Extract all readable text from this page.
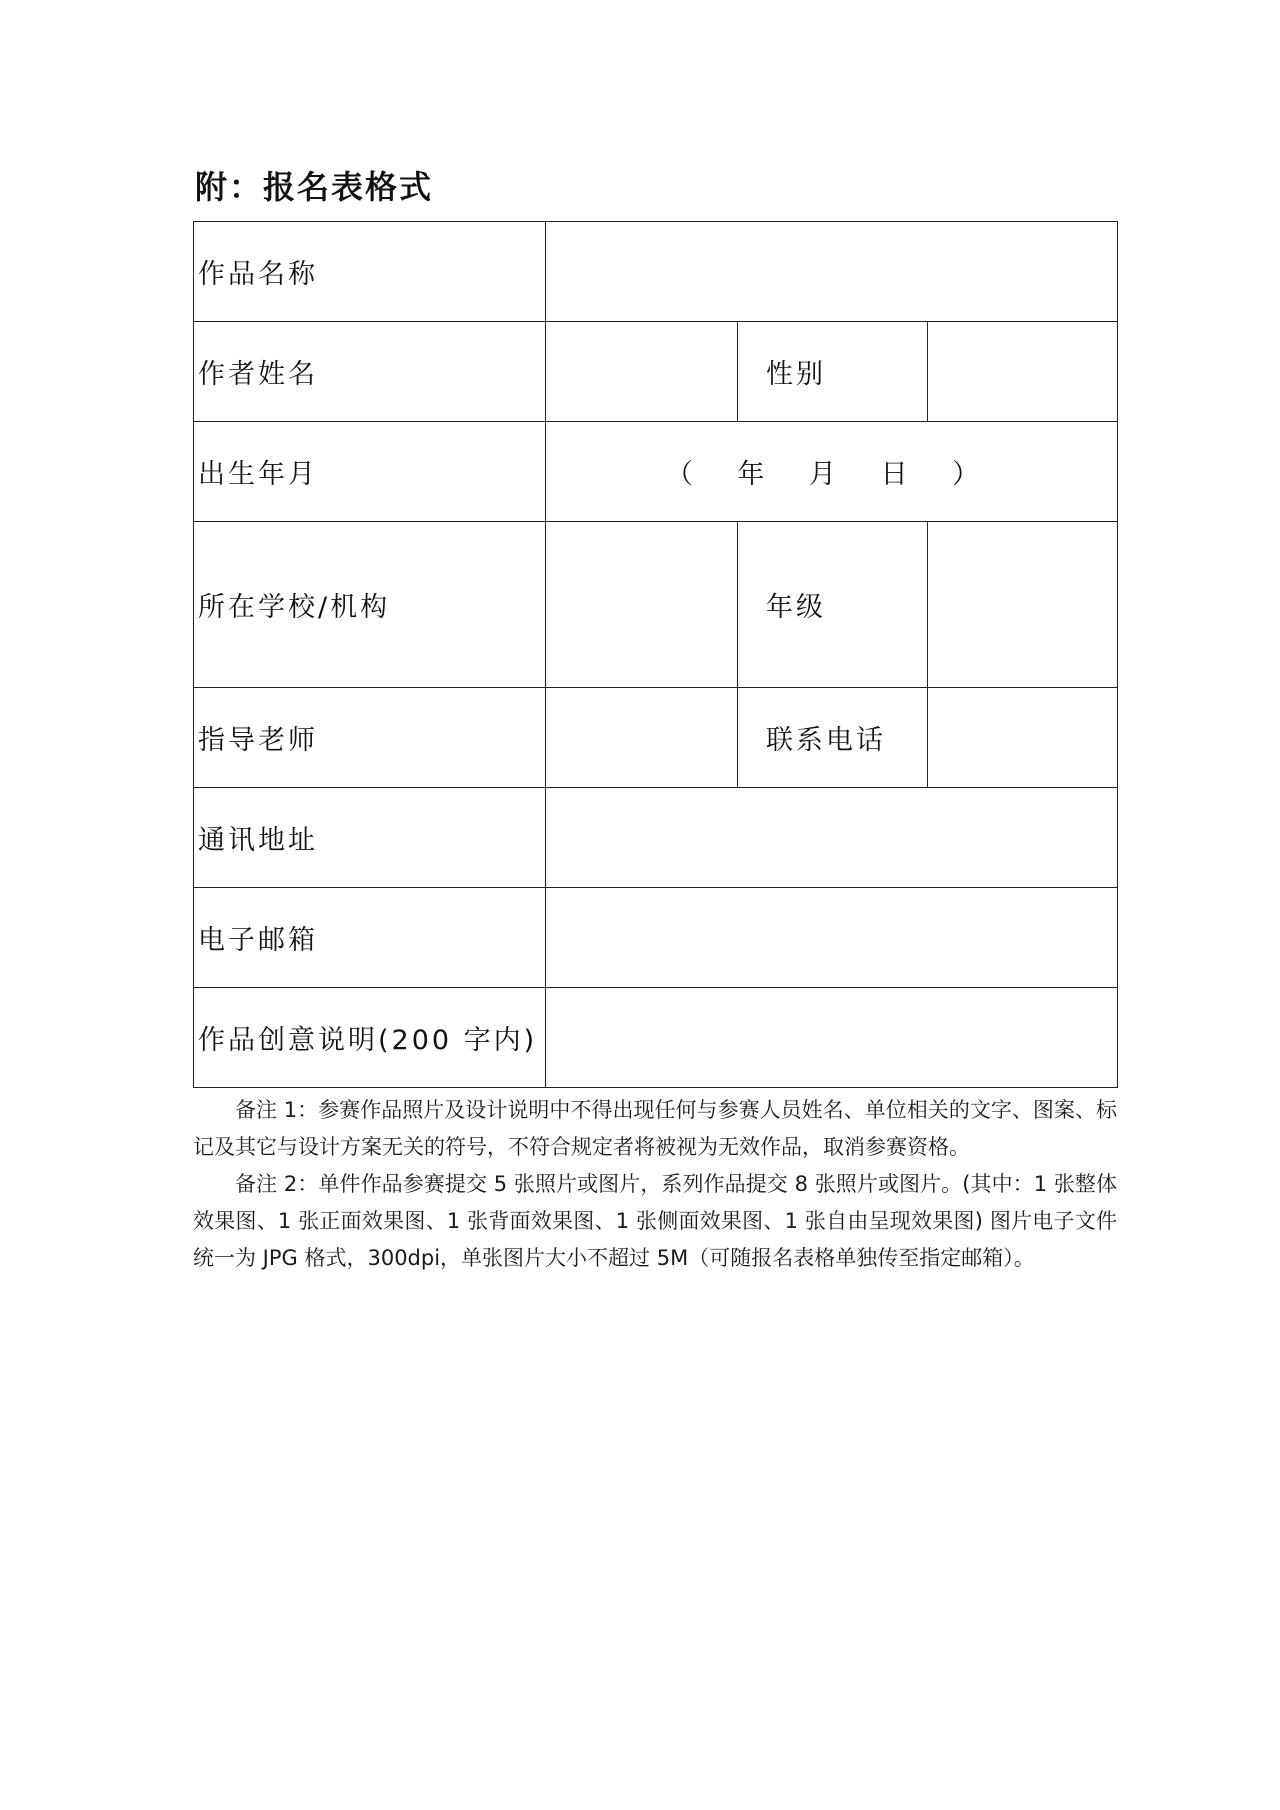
附：报名表格式
作品名称			
作者姓名		性别	
出生年月	（ 年 月 日 ）		
所在学校/机构		年级	
指导老师		联系电话	
通讯地址			
电子邮箱			
作品创意说明(200 字内)			

备注 1：参赛作品照片及设计说明中不得出现任何与参赛人员姓名、单位相关的文字、图案、标记及其它与设计方案无关的符号，不符合规定者将被视为无效作品，取消参赛资格。

备注 2：单件作品参赛提交 5 张照片或图片，系列作品提交 8 张照片或图片。(其中：1 张整体效果图、1 张正面效果图、1 张背面效果图、1 张侧面效果图、1 张自由呈现效果图) 图片电子文件统一为 JPG 格式，300dpi，单张图片大小不超过 5M（可随报名表格单独传至指定邮箱）。
